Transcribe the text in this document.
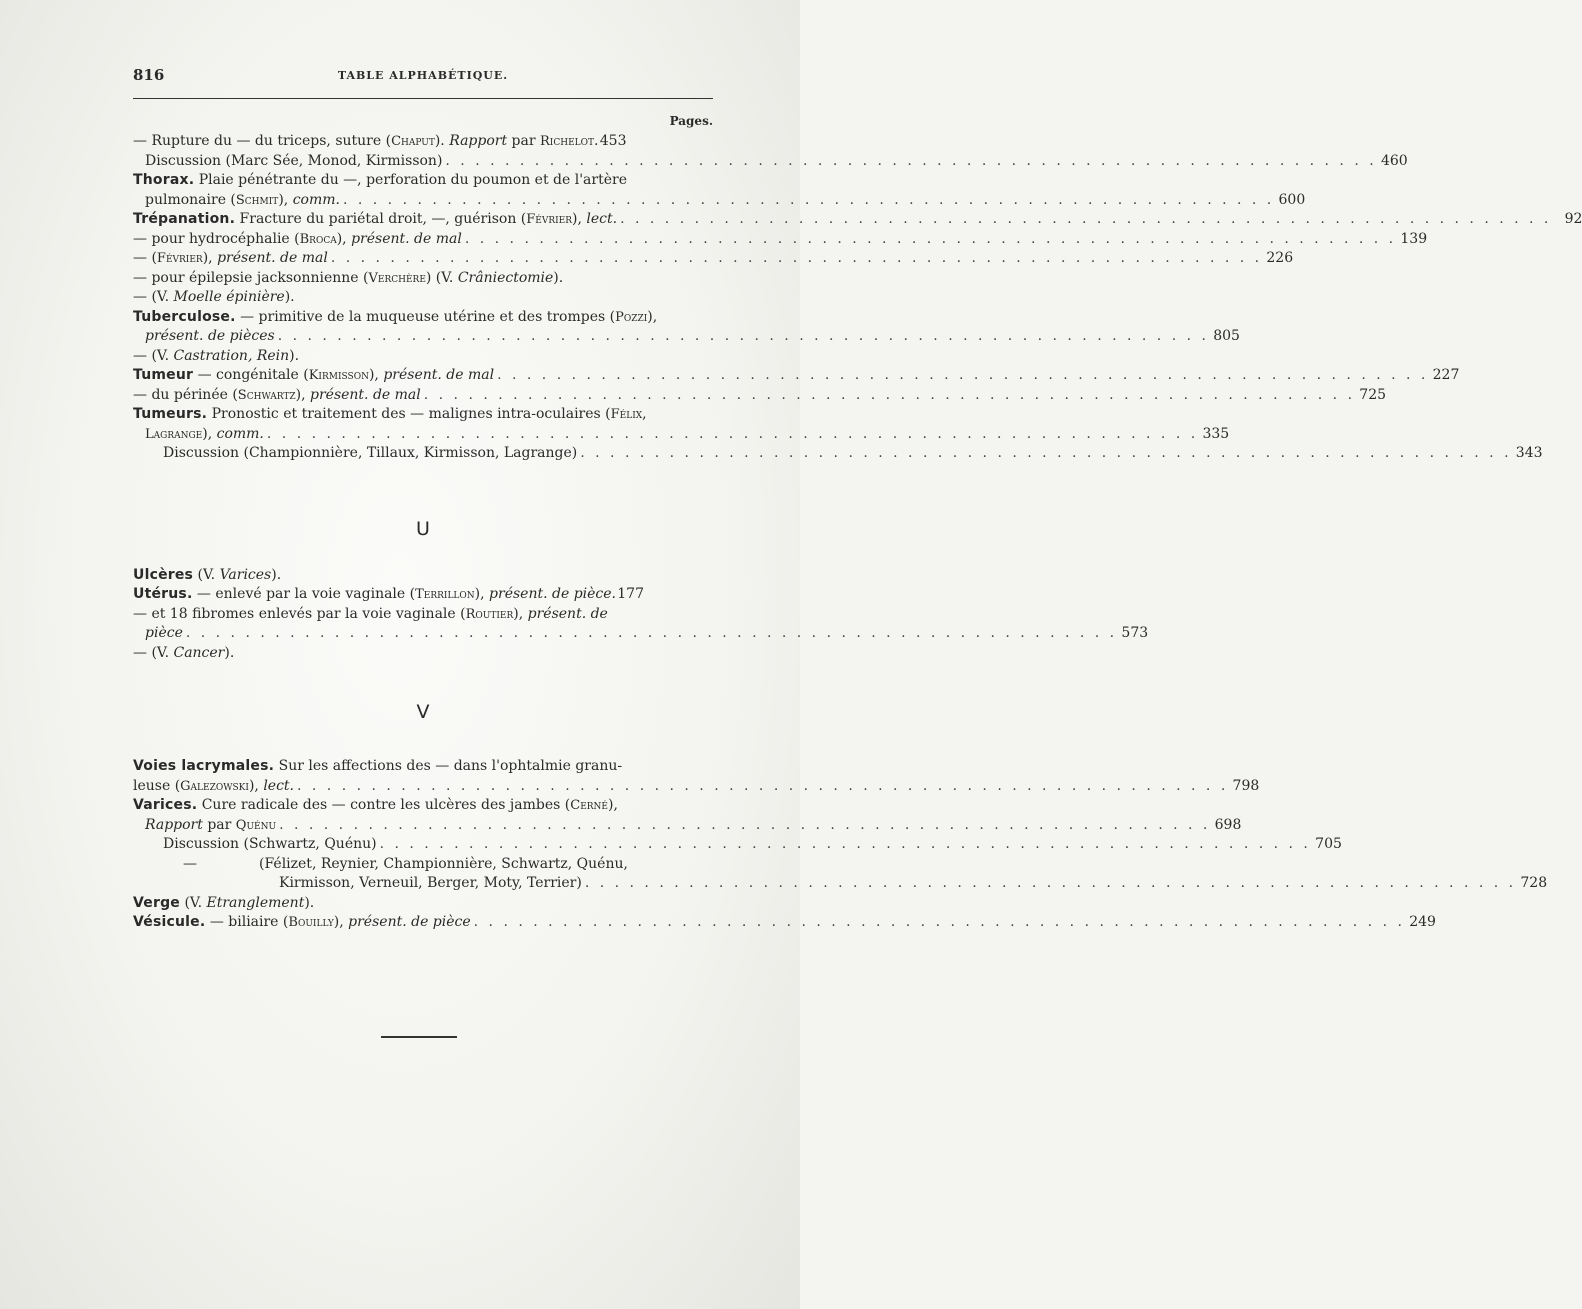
816	TABLE ALPHABÉTIQUE.
Pages.
— Rupture du — du triceps, suture (Chaput). Rapport par Richelot. 453
Discussion (Marc Sée, Monod, Kirmisson) . . .	460
Thorax. Plaie pénétrante du —, perforation du poumon et de l'artère
pulmonaire (Schmit), comm. . . .	600
Trépanation. Fracture du pariétal droit, —, guérison (Février), lect. . . .	92
— pour hydrocéphalie (Broca), présent. de mal . . .	139
— (Février), présent. de mal . . .	226
— pour épilepsie jacksonnienne (Verchère) (V. Crâniectomie).
— (V. Moelle épinière).
Tuberculose. — primitive de la muqueuse utérine et des trompes (Pozzi),
présent. de pièces . . .	805
— (V. Castration, Rein).
Tumeur — congénitale (Kirmisson), présent. de mal . . .	227
— du périnée (Schwartz), présent. de mal . . .	725
Tumeurs. Pronostic et traitement des — malignes intra-oculaires (Félix,
Lagrange), comm. . . .	335
Discussion (Championnière, Tillaux, Kirmisson, Lagrange) . . .	343
U
Ulcères (V. Varices).
Utérus. — enlevé par la voie vaginale (Terrillon), présent. de pièce. 177
— et 18 fibromes enlevés par la voie vaginale (Routier), présent. de
pièce . . .	573
— (V. Cancer).
V
Voies lacrymales. Sur les affections des — dans l'ophtalmie granu-
leuse (Galezowski), lect. . . .	798
Varices. Cure radicale des — contre les ulcères des jambes (Cerné),
Rapport par Quénu . . .	698
Discussion (Schwartz, Quénu) . . .	705
—	(Félizet, Reynier, Championnière, Schwartz, Quénu,
Kirmisson, Verneuil, Berger, Moty, Terrier) . . .	728
Verge (V. Etranglement).
Vésicule. — biliaire (Bouilly), présent. de pièce . . .	249
